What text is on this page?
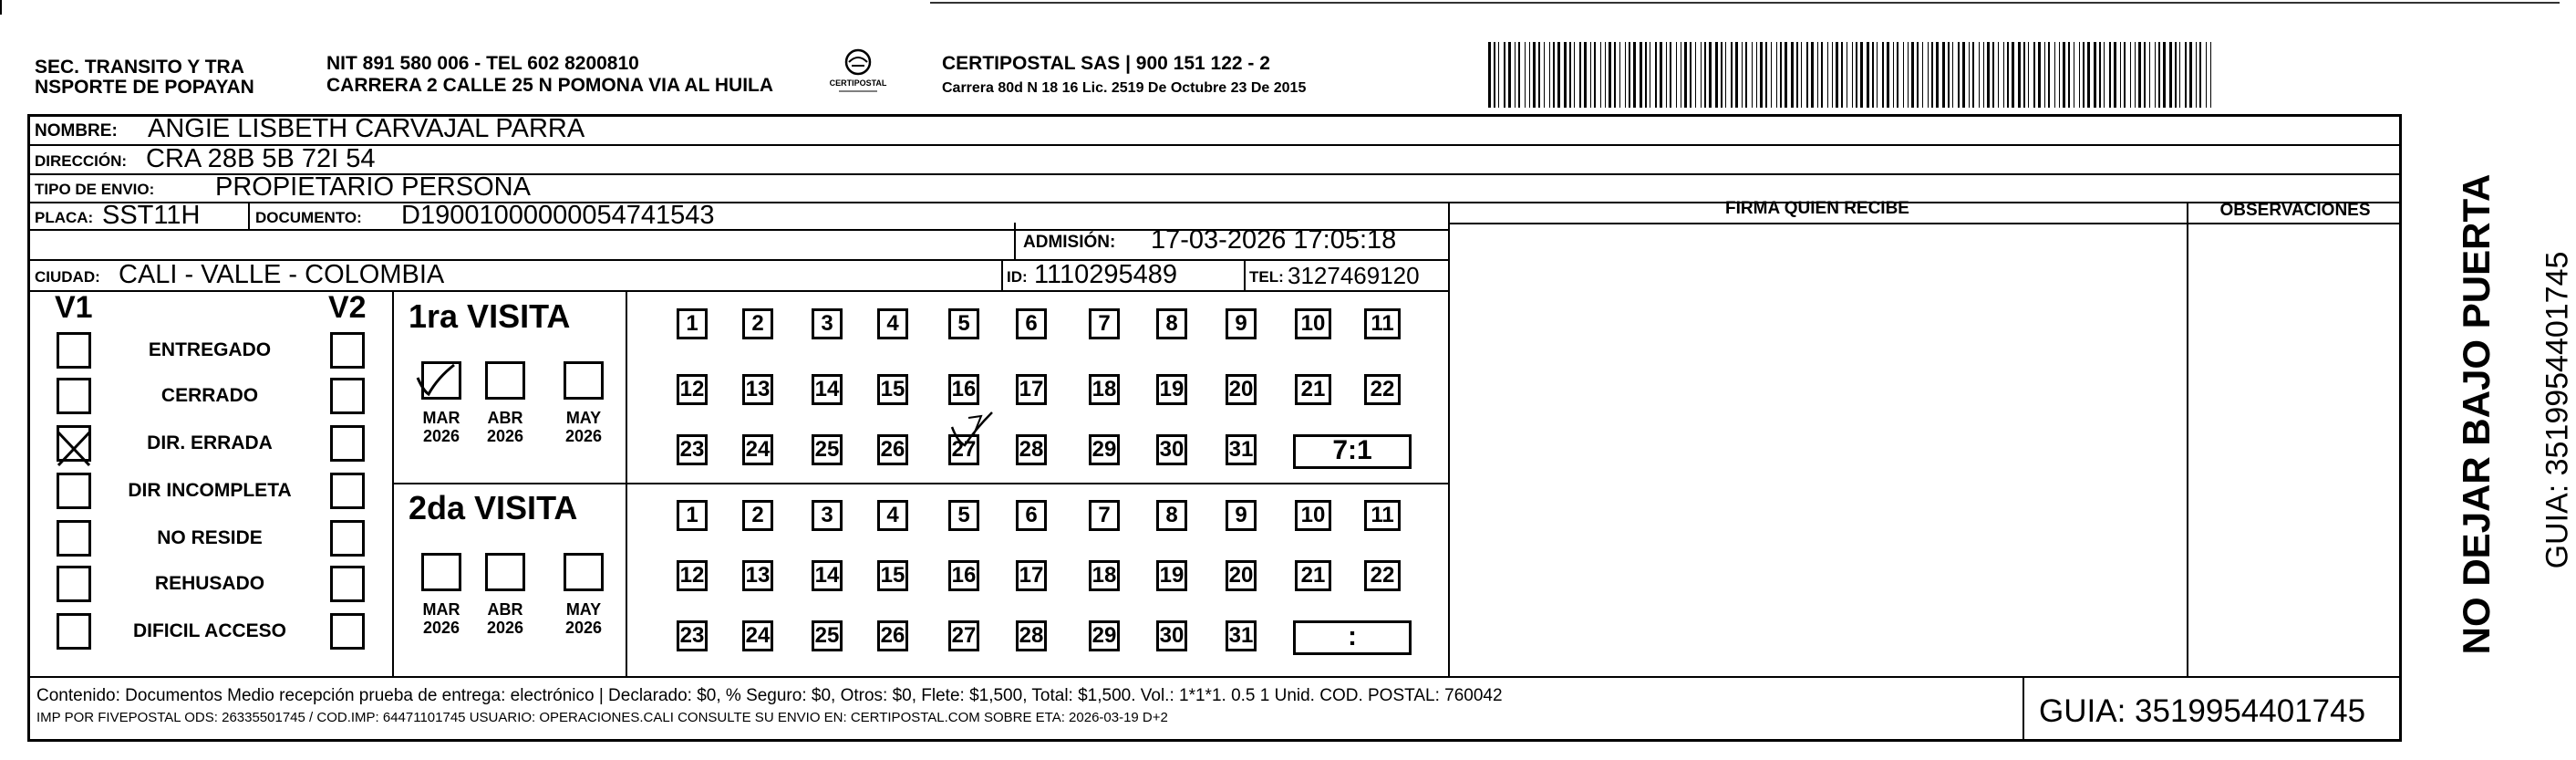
SEC. TRANSITO Y TRA
NSPORTE DE POPAYAN
NIT 891 580 006 - TEL 602 8200810
CARRERA 2 CALLE 25 N POMONA VIA AL HUILA	CERTIPOSTAL
CERTIPOSTAL SAS | 900 151 122 - 2
Carrera 80d N 18 16 Lic. 2519 De Octubre 23 De 2015
NOMBRE: ANGIE LISBETH CARVAJAL PARRA
DIRECCIÓN: CRA 28B 5B 72I 54
TIPO DE ENVIO: PROPIETARIO PERSONA
PLACA: SST11H	DOCUMENTO: D19001000000054741543
ADMISIÓN: 17-03-2026 17:05:18
CIUDAD: CALI - VALLE - COLOMBIA	ID: 1110295489	TEL: 3127469120
FIRMA QUIEN RECIBE	OBSERVACIONES
V1	V2
ENTREGADO
CERRADO
DIR. ERRADA
DIR INCOMPLETA
NO RESIDE
REHUSADO
DIFICIL ACCESO
1ra VISITA
MAR
2026
ABR
2026
MAY
2026
1	2	3	4	5	6	7	8	9	10	11
12 13 14 15 16 17 18 19 20 21 22
23 24 25 26 27 28 29 30 31	7:1
2da VISITA
MAR
2026
ABR
2026
MAY
2026
1	2	3	4	5	6	7	8	9	10	11
12 13 14 15 16 17 18 19 20 21 22
23 24 25 26 27 28 29 30 31	:	NO DEJAR BAJO PUERTA GUIA: 3519954401745
Contenido: Documentos Medio recepción prueba de entrega: electrónico | Declarado: $0, % Seguro: $0, Otros: $0, Flete: $1,500, Total: $1,500. Vol.: 1*1*1. 0.5 1 Unid. COD. POSTAL: 760042
IMP POR FIVEPOSTAL ODS: 26335501745 / COD.IMP: 64471101745 USUARIO: OPERACIONES.CALI CONSULTE SU ENVIO EN: CERTIPOSTAL.COM SOBRE ETA: 2026-03-19 D+2	GUIA: 3519954401745
